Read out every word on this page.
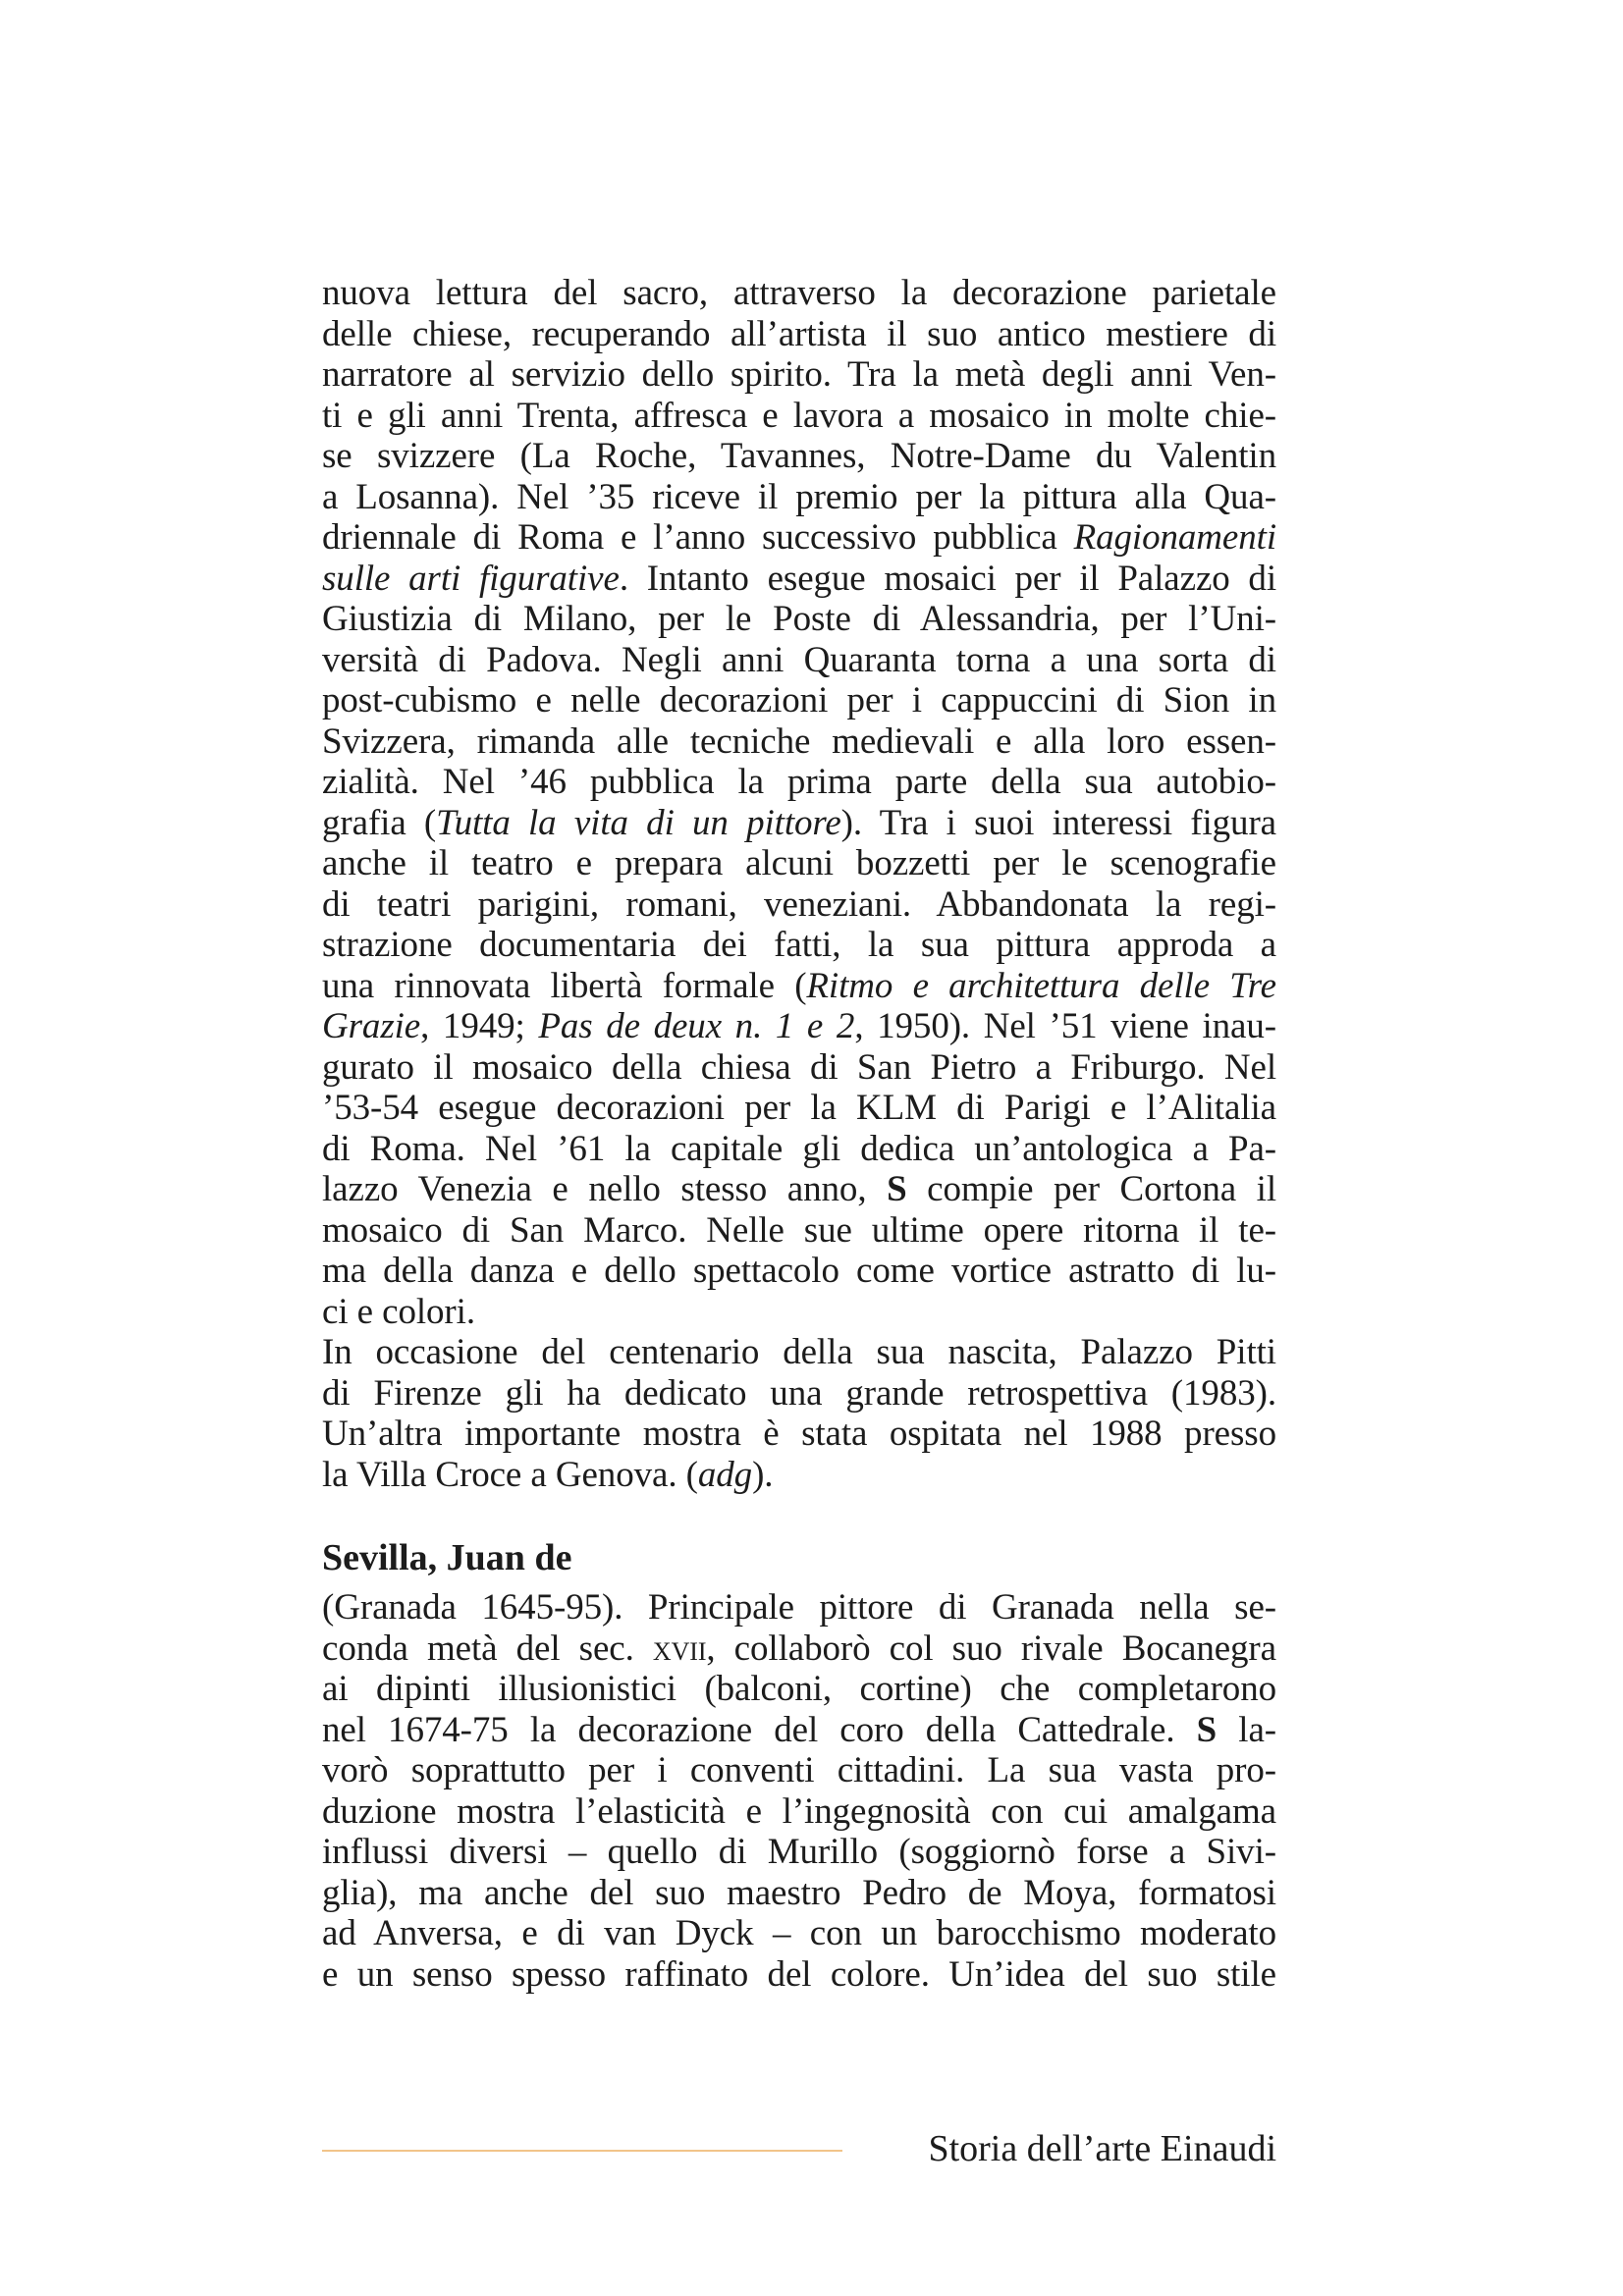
nuova lettura del sacro, attraverso la decorazione parietale
delle chiese, recuperando all’artista il suo antico mestiere di
narratore al servizio dello spirito. Tra la metà degli anni Ven-
ti e gli anni Trenta, affresca e lavora a mosaico in molte chie-
se svizzere (La Roche, Tavannes, Notre-Dame du Valentin
a Losanna). Nel ’35 riceve il premio per la pittura alla Qua-
driennale di Roma e l’anno successivo pubblica Ragionamenti
sulle arti figurative. Intanto esegue mosaici per il Palazzo di
Giustizia di Milano, per le Poste di Alessandria, per l’Uni-
versità di Padova. Negli anni Quaranta torna a una sorta di
post-cubismo e nelle decorazioni per i cappuccini di Sion in
Svizzera, rimanda alle tecniche medievali e alla loro essen-
zialità. Nel ’46 pubblica la prima parte della sua autobio-
grafia (Tutta la vita di un pittore). Tra i suoi interessi figura
anche il teatro e prepara alcuni bozzetti per le scenografie
di teatri parigini, romani, veneziani. Abbandonata la regi-
strazione documentaria dei fatti, la sua pittura approda a
una rinnovata libertà formale (Ritmo e architettura delle Tre
Grazie, 1949; Pas de deux n. 1 e 2, 1950). Nel ’51 viene inau-
gurato il mosaico della chiesa di San Pietro a Friburgo. Nel
’53-54 esegue decorazioni per la KLM di Parigi e l’Alitalia
di Roma. Nel ’61 la capitale gli dedica un’antologica a Pa-
lazzo Venezia e nello stesso anno, S compie per Cortona il
mosaico di San Marco. Nelle sue ultime opere ritorna il te-
ma della danza e dello spettacolo come vortice astratto di lu-
ci e colori.
In occasione del centenario della sua nascita, Palazzo Pitti
di Firenze gli ha dedicato una grande retrospettiva (1983).
Un’altra importante mostra è stata ospitata nel 1988 presso
la Villa Croce a Genova. (adg).
Sevilla, Juan de
(Granada 1645-95). Principale pittore di Granada nella se-
conda metà del sec. xvii, collaborò col suo rivale Bocanegra
ai dipinti illusionistici (balconi, cortine) che completarono
nel 1674-75 la decorazione del coro della Cattedrale. S la-
vorò soprattutto per i conventi cittadini. La sua vasta pro-
duzione mostra l’elasticità e l’ingegnosità con cui amalgama
influssi diversi – quello di Murillo (soggiornò forse a Sivi-
glia), ma anche del suo maestro Pedro de Moya, formatosi
ad Anversa, e di van Dyck – con un barocchismo moderato
e un senso spesso raffinato del colore. Un’idea del suo stile
Storia dell’arte Einaudi
